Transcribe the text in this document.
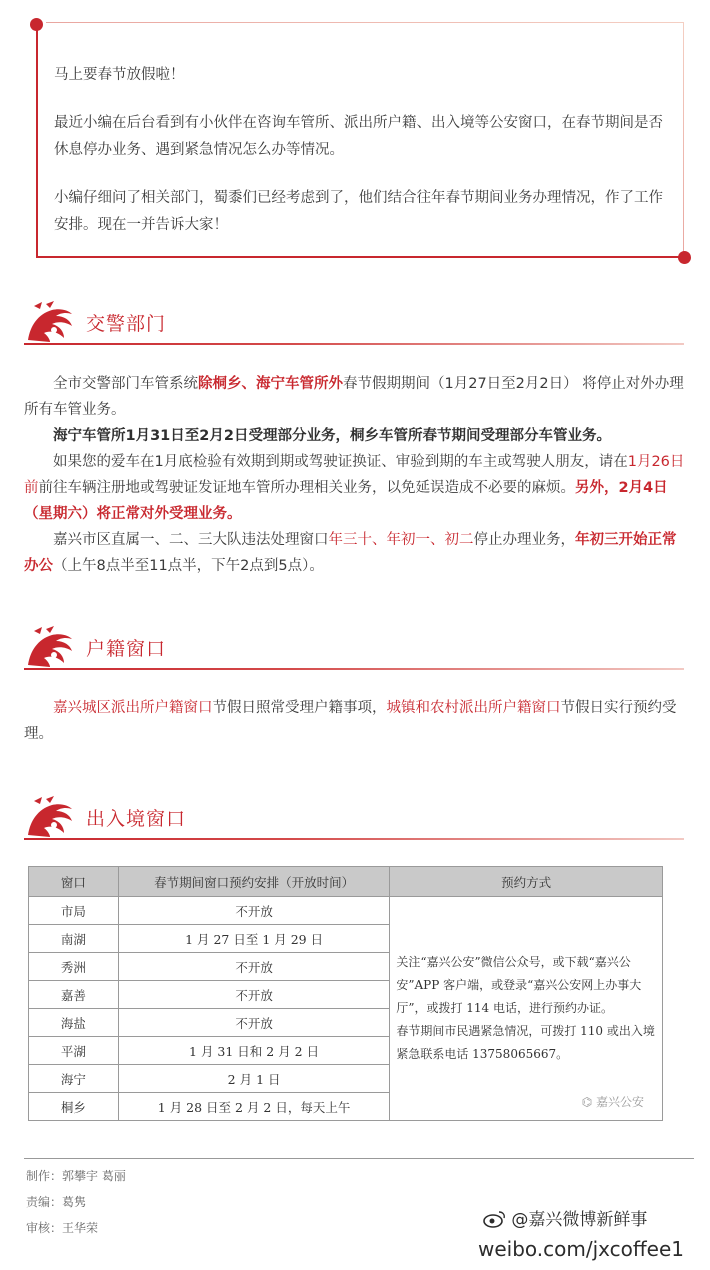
马上要春节放假啦！

最近小编在后台看到有小伙伴在咨询车管所、派出所户籍、出入境等公安窗口，在春节期间是否休息停办业务、遇到紧急情况怎么办等情况。

小编仔细问了相关部门，蜀黍们已经考虑到了，他们结合往年春节期间业务办理情况，作了工作安排。现在一并告诉大家！

交警部门

全市交警部门车管系统除桐乡、海宁车管所外春节假期期间（1月27日至2月2日） 将停止对外办理所有车管业务。

海宁车管所1月31日至2月2日受理部分业务，桐乡车管所春节期间受理部分车管业务。

如果您的爱车在1月底检验有效期到期或驾驶证换证、审验到期的车主或驾驶人朋友，请在1月26日前前往车辆注册地或驾驶证发证地车管所办理相关业务，以免延误造成不必要的麻烦。另外，2月4日（星期六）将正常对外受理业务。

嘉兴市区直属一、二、三大队违法处理窗口年三十、年初一、初二停止办理业务，年初三开始正常办公（上午8点半至11点半，下午2点到5点）。

户籍窗口

嘉兴城区派出所户籍窗口节假日照常受理户籍事项，城镇和农村派出所户籍窗口节假日实行预约受理。

出入境窗口
窗口	春节期间窗口预约安排（开放时间）	预约方式
市局	不开放	关注“嘉兴公安”微信公众号，或下载“嘉兴公安”APP 客户端，或登录“嘉兴公安网上办事大厅”，或拨打 114 电话，进行预约办证。
春节期间市民遇紧急情况，可拨打 110 或出入境紧急联系电话 13758065667。
⌬ 嘉兴公安

南湖	1 月 27 日至 1 月 29 日	
秀洲	不开放	
嘉善	不开放	
海盐	不开放	
平湖	1 月 31 日和 2 月 2 日	
海宁	2 月 1 日	
桐乡	1 月 28 日至 2 月 2 日，每天上午	
制作：郭攀宇 葛丽
责编：葛隽
审核：王华荣	@嘉兴微博新鲜事
weibo.com/jxcoffee1
